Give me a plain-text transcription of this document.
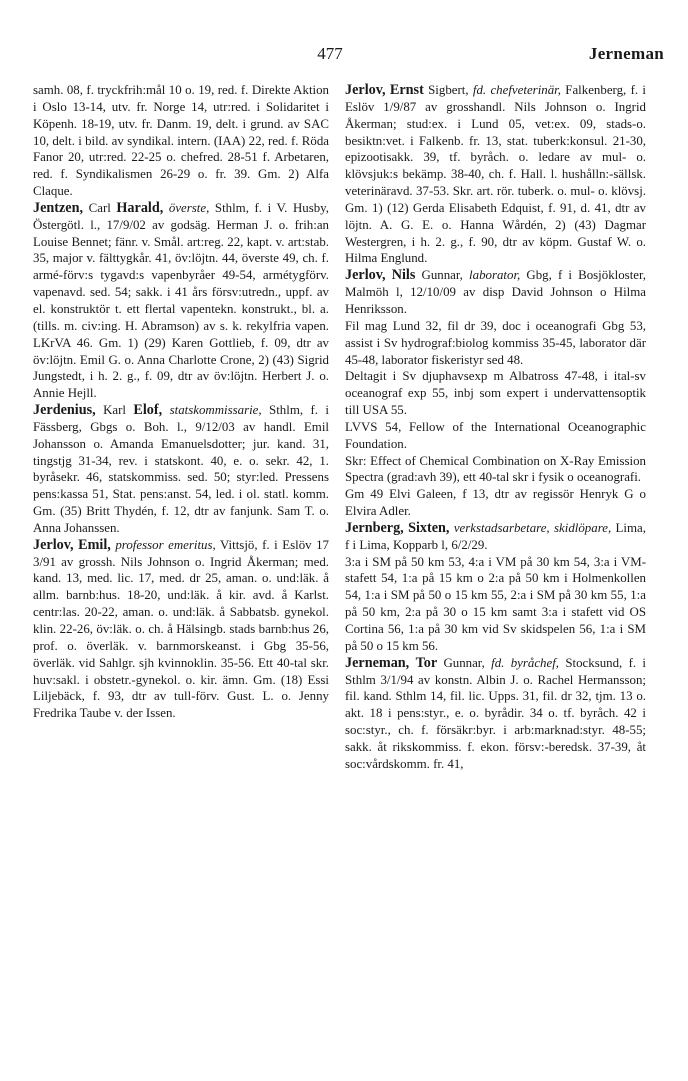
477	Jerneman

samh. 08, f. tryckfrih:mål 10 o. 19, red. f. Direkte Aktion i Oslo 13-14, utv. fr. Norge 14, utr:red. i Solidaritet i Köpenh. 18-19, utv. fr. Danm. 19, delt. i grund. av SAC 10, delt. i bild. av syndikal. intern. (IAA) 22, red. f. Röda Fanor 20, utr:red. 22-25 o. chefred. 28-51 f. Arbetaren, red. f. Syndikalismen 26-29 o. fr. 39. Gm. 2) Alfa Claque.

Jentzen, Carl Harald, överste, Sthlm, f. i V. Husby, Östergötl. l., 17/9/02 av godsäg. Herman J. o. frih:an Louise Bennet; fänr. v. Smål. art:reg. 22, kapt. v. art:stab. 35, major v. fälttygkår. 41, öv:löjtn. 44, överste 49, ch. f. armé-förv:s tygavd:s vapenbyråer 49-54, armétygförv. vapenavd. sed. 54; sakk. i 41 års försv:utredn., uppf. av el. konstruktör t. ett flertal vapentekn. konstrukt., bl. a. (tills. m. civ:ing. H. Abramson) av s. k. rekylfria vapen. LKrVA 46. Gm. 1) (29) Karen Gottlieb, f. 09, dtr av öv:löjtn. Emil G. o. Anna Charlotte Crone, 2) (43) Sigrid Jungstedt, i h. 2. g., f. 09, dtr av öv:löjtn. Herbert J. o. Annie Hejll.

Jerdenius, Karl Elof, statskommissarie, Sthlm, f. i Fässberg, Gbgs o. Boh. l., 9/12/03 av handl. Emil Johansson o. Amanda Emanuelsdotter; jur. kand. 31, tingstjg 31-34, rev. i statskont. 40, e. o. sekr. 42, 1. byråsekr. 46, statskommiss. sed. 50; styr:led. Pressens pens:kassa 51, Stat. pens:anst. 54, led. i ol. statl. komm. Gm. (35) Britt Thydén, f. 12, dtr av fanjunk. Sam T. o. Anna Johanssen.

Jerlov, Emil, professor emeritus, Vittsjö, f. i Eslöv 17 3/91 av grossh. Nils Johnson o. Ingrid Åkerman; med. kand. 13, med. lic. 17, med. dr 25, aman. o. und:läk. å allm. barnb:hus. 18-20, und:läk. å kir. avd. å Karlst. centr:las. 20-22, aman. o. und:läk. å Sabbatsb. gynekol. klin. 22-26, öv:läk. o. ch. å Hälsingb. stads barnb:hus 26, prof. o. överläk. v. barnmorskeanst. i Gbg 35-56, överläk. vid Sahlgr. sjh kvinnoklin. 35-56. Ett 40-tal skr. huv:sakl. i obstetr.-gynekol. o. kir. ämn. Gm. (18) Essi Liljebäck, f. 93, dtr av tull-förv. Gust. L. o. Jenny Fredrika Taube v. der Issen.

Jerlov, Ernst Sigbert, fd. chefveterinär, Falkenberg, f. i Eslöv 1/9/87 av grosshandl. Nils Johnson o. Ingrid Åkerman; stud:ex. i Lund 05, vet:ex. 09, stads-o. besiktn:vet. i Falkenb. fr. 13, stat. tuberk:konsul. 21-30, epizootisakk. 39, tf. byråch. o. ledare av mul- o. klövsjuk:s bekämp. 38-40, ch. f. Hall. l. hushålln:-sällsk. veterinäravd. 37-53. Skr. art. rör. tuberk. o. mul- o. klövsj. Gm. 1) (12) Gerda Elisabeth Edquist, f. 91, d. 41, dtr av löjtn. A. G. E. o. Hanna Wårdén, 2) (43) Dagmar Westergren, i h. 2. g., f. 90, dtr av köpm. Gustaf W. o. Hilma Englund.

Jerlov, Nils Gunnar, laborator, Gbg, f i Bosjökloster, Malmöh l, 12/10/09 av disp David Johnson o Hilma Henriksson.

Fil mag Lund 32, fil dr 39, doc i oceanografi Gbg 53, assist i Sv hydrograf:biolog kommiss 35-45, laborator där 45-48, laborator fiskeristyr sed 48.

Deltagit i Sv djuphavsexp m Albatross 47-48, i ital-sv oceanograf exp 55, inbj som expert i undervattensoptik till USA 55.

LVVS 54, Fellow of the International Oceanographic Foundation.

Skr: Effect of Chemical Combination on X-Ray Emission Spectra (grad:avh 39), ett 40-tal skr i fysik o oceanografi.

Gm 49 Elvi Galeen, f 13, dtr av regissör Henryk G o Elvira Adler.

Jernberg, Sixten, verkstadsarbetare, skidlöpare, Lima, f i Lima, Kopparb l, 6/2/29.

3:a i SM på 50 km 53, 4:a i VM på 30 km 54, 3:a i VM-stafett 54, 1:a på 15 km o 2:a på 50 km i Holmenkollen 54, 1:a i SM på 50 o 15 km 55, 2:a i SM på 30 km 55, 1:a på 50 km, 2:a på 30 o 15 km samt 3:a i stafett vid OS Cortina 56, 1:a på 30 km vid Sv skidspelen 56, 1:a i SM på 50 o 15 km 56.

Jerneman, Tor Gunnar, fd. byråchef, Stocksund, f. i Sthlm 3/1/94 av konstn. Albin J. o. Rachel Hermansson; fil. kand. Sthlm 14, fil. lic. Upps. 31, fil. dr 32, tjm. 13 o. akt. 18 i pens:styr., e. o. byrådir. 34 o. tf. byråch. 42 i soc:styr., ch. f. försäkr:byr. i arb:marknad:styr. 48-55; sakk. åt rikskommiss. f. ekon. försv:-beredsk. 37-39, åt soc:vårdskomm. fr. 41,
